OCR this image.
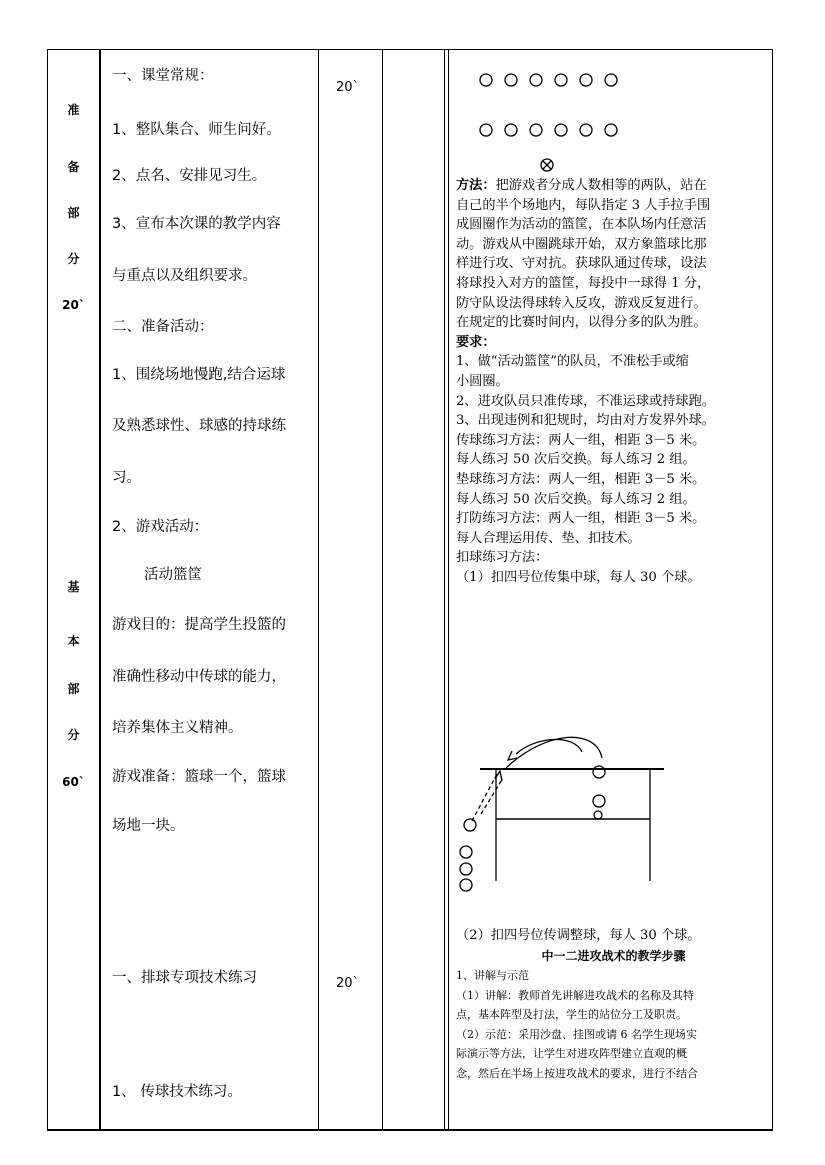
准
备
部
分
20`
基
本
部
分
60`
一、课堂常规：
1、整队集合、师生问好。
2、点名、安排见习生。
3、宣布本次课的教学内容
与重点以及组织要求。
二、准备活动：
1、围绕场地慢跑,结合运球
及熟悉球性、球感的持球练
习。
2、游戏活动：
活动篮筐
游戏目的：提高学生投篮的
准确性移动中传球的能力，
培养集体主义精神。
游戏准备：篮球一个，篮球
场地一块。
一、排球专项技术练习
1、 传球技术练习。
20`
20`
方法：把游戏者分成人数相等的两队，站在
自己的半个场地内，每队指定 3 人手拉手围
成圆圈作为活动的篮筐，在本队场内任意活
动。游戏从中圈跳球开始，双方象篮球比那
样进行攻、守对抗。获球队通过传球，设法
将球投入对方的篮筐，每投中一球得 1 分，
防守队设法得球转入反攻，游戏反复进行。
在规定的比赛时间内，以得分多的队为胜。
要求：
1、做“活动篮筐”的队员，不准松手或缩
小圆圈。
2、进攻队员只准传球，不准运球或持球跑。
3、出现违例和犯规时，均由对方发界外球。
传球练习方法：两人一组，相距 3－5 米。
每人练习 50 次后交换。每人练习 2 组。
垫球练习方法：两人一组，相距 3－5 米。
每人练习 50 次后交换。每人练习 2 组。
打防练习方法：两人一组，相距 3－5 米。
每人合理运用传、垫、扣技术。
扣球练习方法：
（1）扣四号位传集中球，每人 30 个球。
（2）扣四号位传调整球，每人 30 个球。
中一二进攻战术的教学步骤
1、讲解与示范
（1）讲解：教师首先讲解进攻战术的名称及其特
点，基本阵型及打法，学生的站位分工及职责。
（2）示范：采用沙盘、挂图或请 6 名学生现场实
际演示等方法，让学生对进攻阵型建立直观的概
念，然后在半场上按进攻战术的要求，进行不结合
